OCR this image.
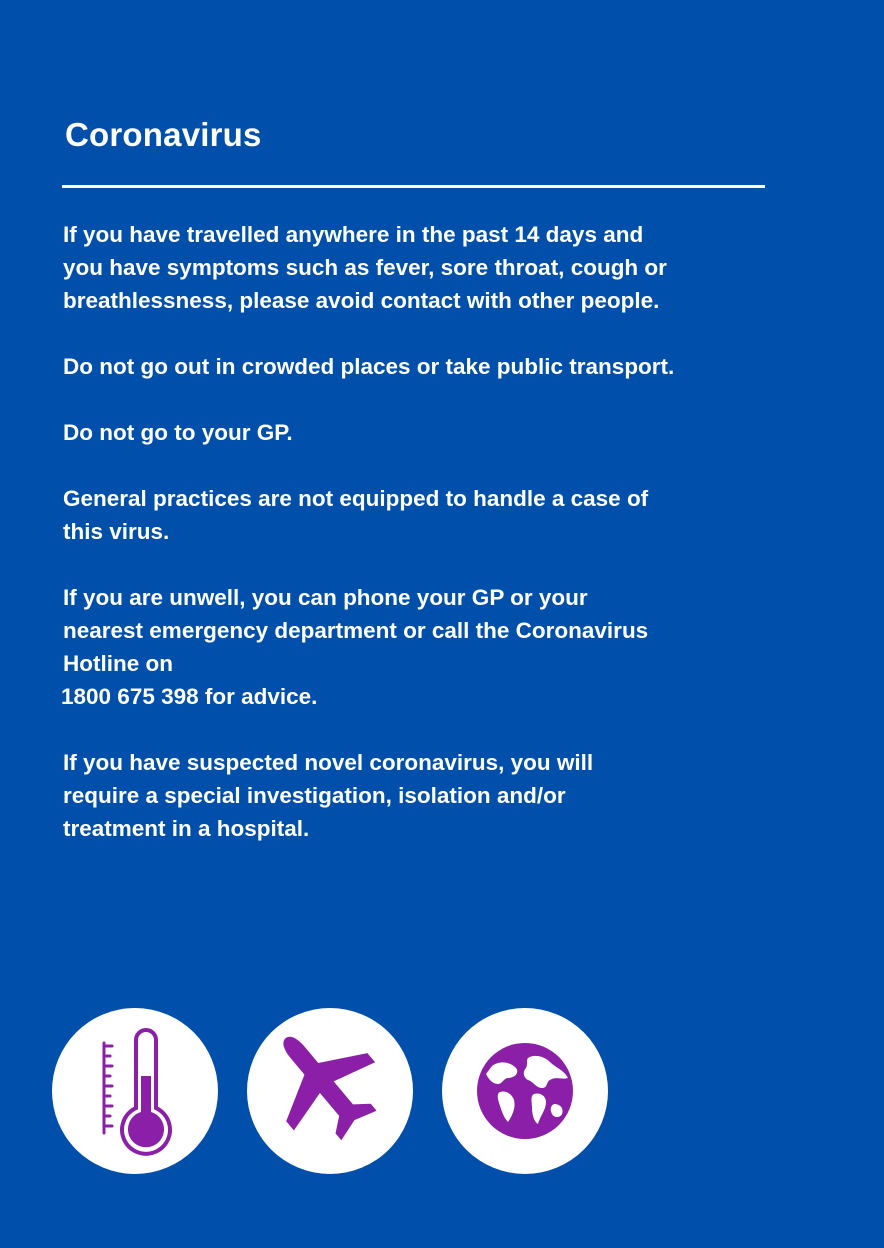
Coronavirus

If you have travelled anywhere in the past 14 days and
you have symptoms such as fever, sore throat, cough or
breathlessness, please avoid contact with other people.

Do not go out in crowded places or take public transport.

Do not go to your GP.

General practices are not equipped to handle a case of
this virus.

If you are unwell, you can phone your GP or your
nearest emergency department or call the Coronavirus
Hotline on
1800 675 398 for advice.

If you have suspected novel coronavirus, you will
require a special investigation, isolation and/or
treatment in a hospital.
